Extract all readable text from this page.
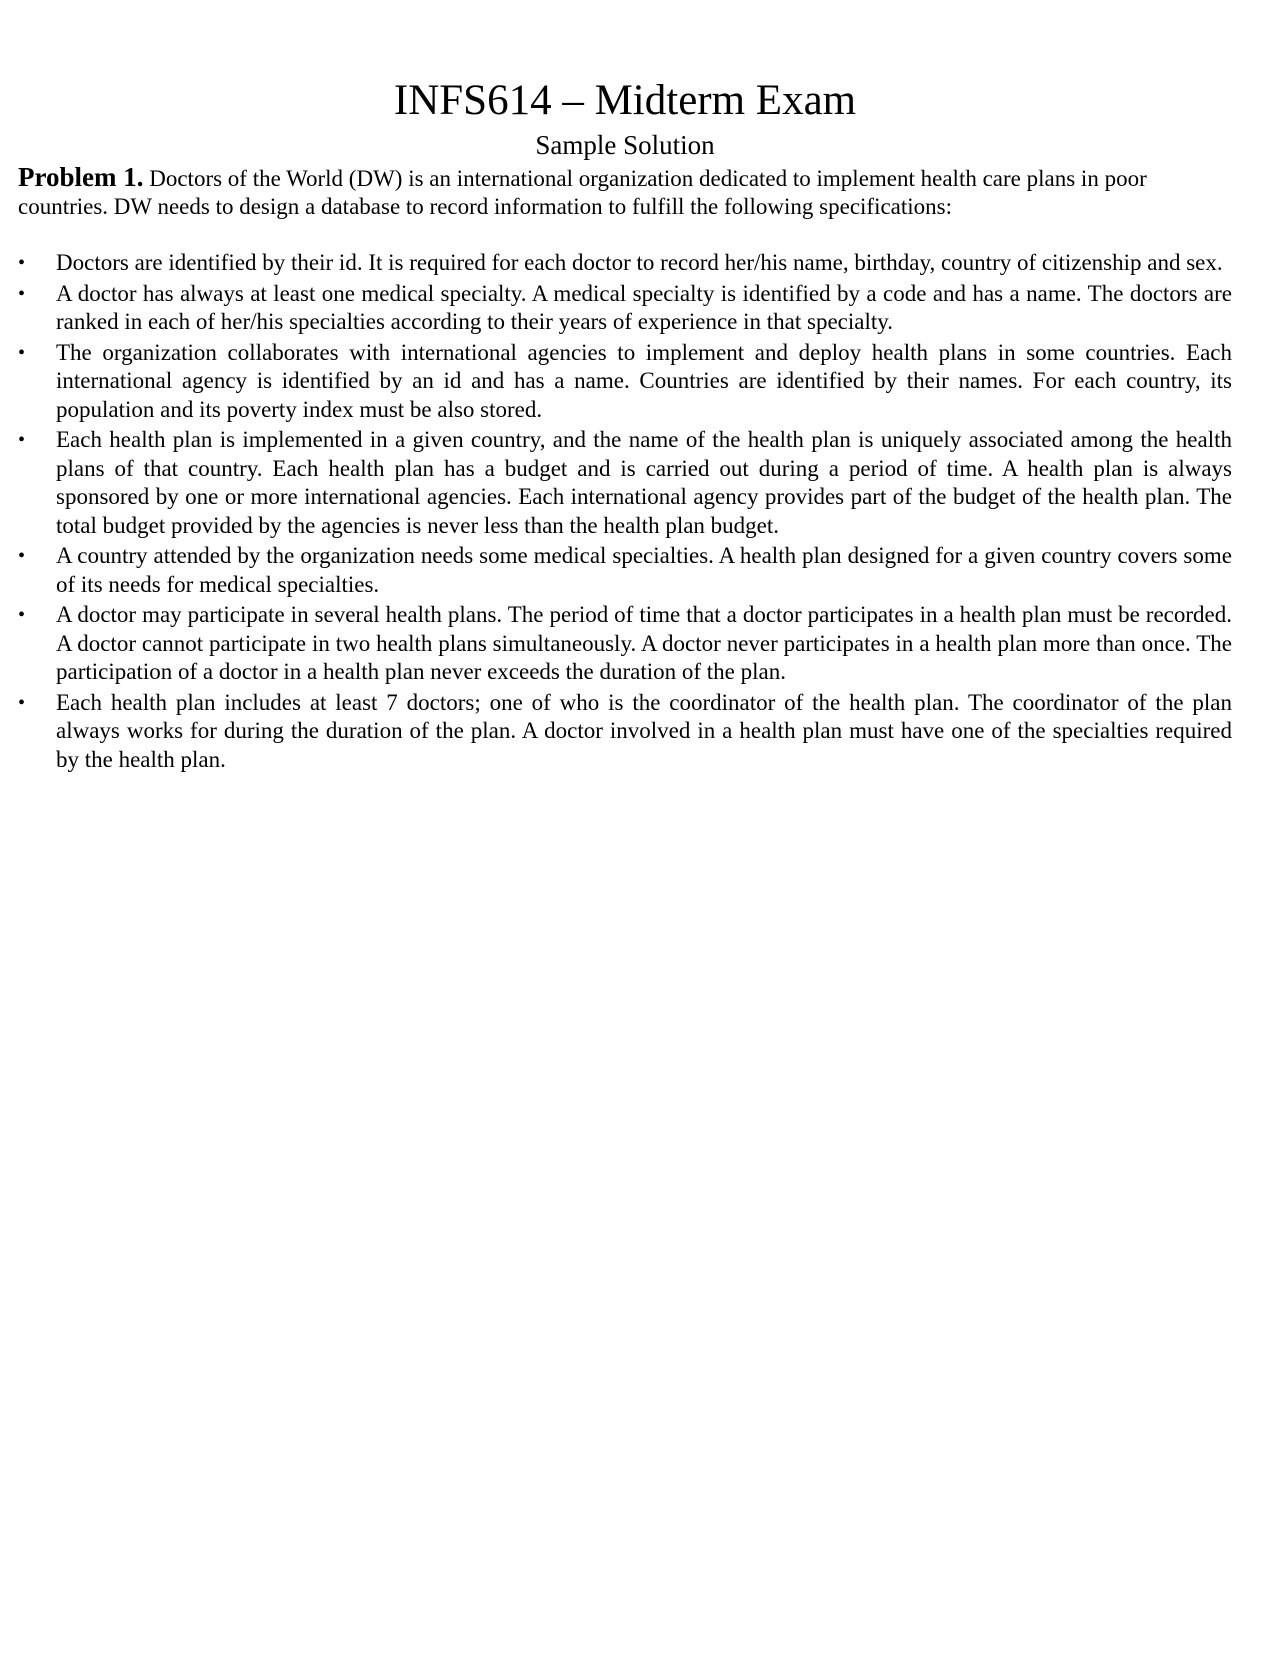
INFS614 – Midterm Exam
Sample Solution

Problem 1. Doctors of the World (DW) is an international organization dedicated to implement health care plans in poor countries. DW needs to design a database to record information to fulfill the following specifications:

• Doctors are identified by their id. It is required for each doctor to record her/his name, birthday, country of citizenship and sex.
• A doctor has always at least one medical specialty. A medical specialty is identified by a code and has a name. The doctors are ranked in each of her/his specialties according to their years of experience in that specialty.
• The organization collaborates with international agencies to implement and deploy health plans in some countries. Each international agency is identified by an id and has a name. Countries are identified by their names. For each country, its population and its poverty index must be also stored.
• Each health plan is implemented in a given country, and the name of the health plan is uniquely associated among the health plans of that country. Each health plan has a budget and is carried out during a period of time. A health plan is always sponsored by one or more international agencies. Each international agency provides part of the budget of the health plan. The total budget provided by the agencies is never less than the health plan budget.
• A country attended by the organization needs some medical specialties. A health plan designed for a given country covers some of its needs for medical specialties.
• A doctor may participate in several health plans. The period of time that a doctor participates in a health plan must be recorded. A doctor cannot participate in two health plans simultaneously. A doctor never participates in a health plan more than once. The participation of a doctor in a health plan never exceeds the duration of the plan.
• Each health plan includes at least 7 doctors; one of who is the coordinator of the health plan. The coordinator of the plan always works for during the duration of the plan. A doctor involved in a health plan must have one of the specialties required by the health plan.
